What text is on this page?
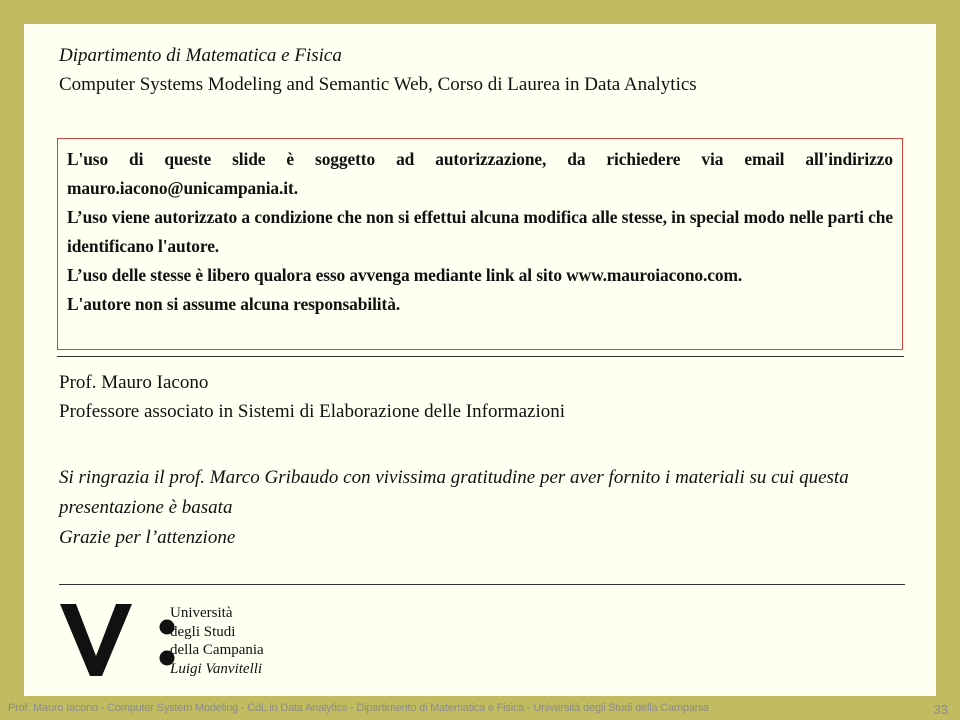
Dipartimento di Matematica e Fisica
Computer Systems Modeling and Semantic Web, Corso di Laurea in Data Analytics

L'uso di queste slide è soggetto ad autorizzazione, da richiedere via email all'indirizzo mauro.iacono@unicampania.it.

L’uso viene autorizzato a condizione che non si effettui alcuna modifica alle stesse, in special modo nelle parti che identificano l'autore.

L’uso delle stesse è libero qualora esso avvenga mediante link al sito www.mauroiacono.com.

L'autore non si assume alcuna responsabilità.

Prof. Mauro Iacono
Professore associato in Sistemi di Elaborazione delle Informazioni

Si ringrazia il prof. Marco Gribaudo con vivissima gratitudine per aver fornito i materiali su cui questa presentazione è basata

Grazie per l’attenzione

Università
degli Studi
della Campania
Luigi Vanvitelli
Prof. Mauro Iacono - Computer System Modeling - CdL in Data Analytics - Dipartimento di Matematica e Fisica - Università degli Studi della Campania	33
